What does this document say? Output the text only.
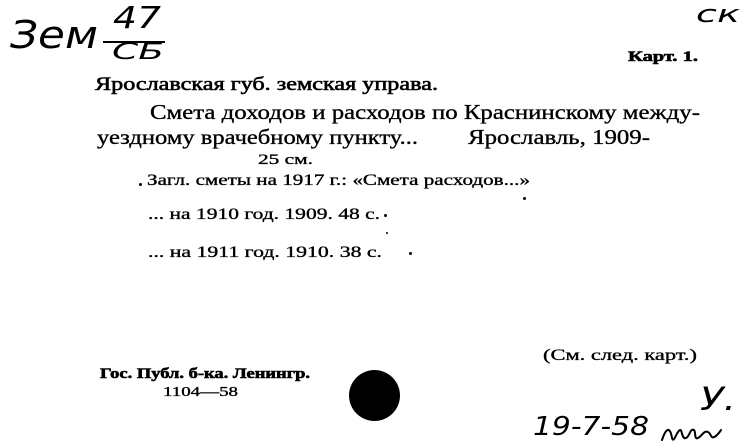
Зем 47
СБ
ск
Карт. 1.
Ярославская губ. земская управа.
Смета доходов и расходов по Краснинскому между-
уездному врачебному пункту... Ярославль, 1909-
25 см.
Загл. сметы на 1917 г.: «Смета расходов...»
... на 1910 год. 1909. 48 с.
... на 1911 год. 1910. 38 с.
(См. след. карт.)
Гос. Публ. б-ка. Ленингр.
1104—58	У.
19-7-58
